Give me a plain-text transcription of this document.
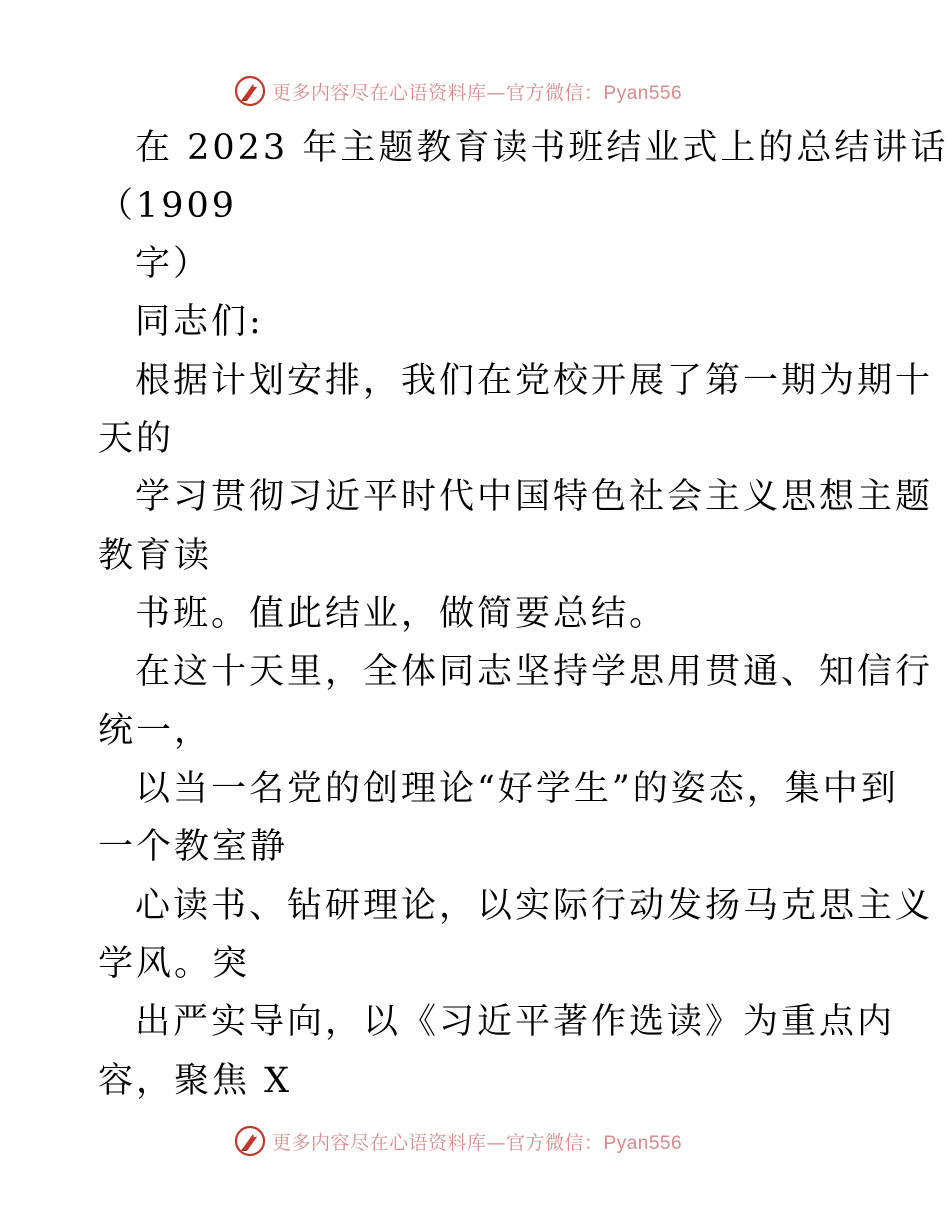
更多内容尽在心语资料库—官方微信：Pyan556
在 2023 年主题教育读书班结业式上的总结讲话
（1909
字）
同志们:
根据计划安排，我们在党校开展了第一期为期十
天的
学习贯彻习近平时代中国特色社会主义思想主题
教育读
书班。值此结业，做简要总结。
在这十天里，全体同志坚持学思用贯通、知信行
统一，
以当一名党的创理论“好学生”的姿态，集中到
一个教室静
心读书、钻研理论，以实际行动发扬马克思主义
学风。突
出严实导向，以《习近平著作选读》为重点内
容，聚焦 X
更多内容尽在心语资料库—官方微信：Pyan556
